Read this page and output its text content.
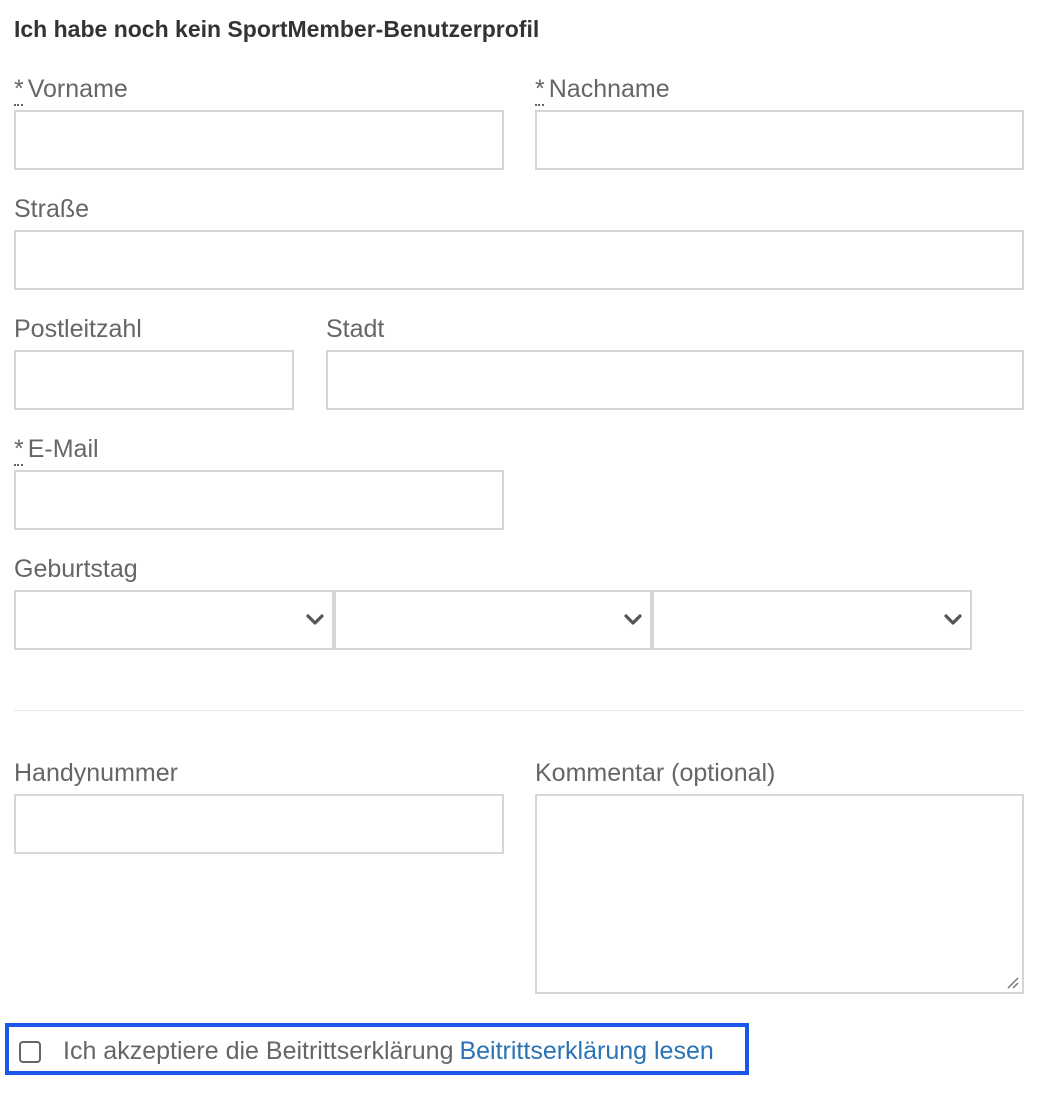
Ich habe noch kein SportMember-Benutzerprofil
* Vorname	* Nachname
Straße
Postleitzahl	Stadt
* E-Mail
Geburtstag
Handynummer	Kommentar (optional)
Ich akzeptiere die Beitrittserklärung Beitrittserklärung lesen
